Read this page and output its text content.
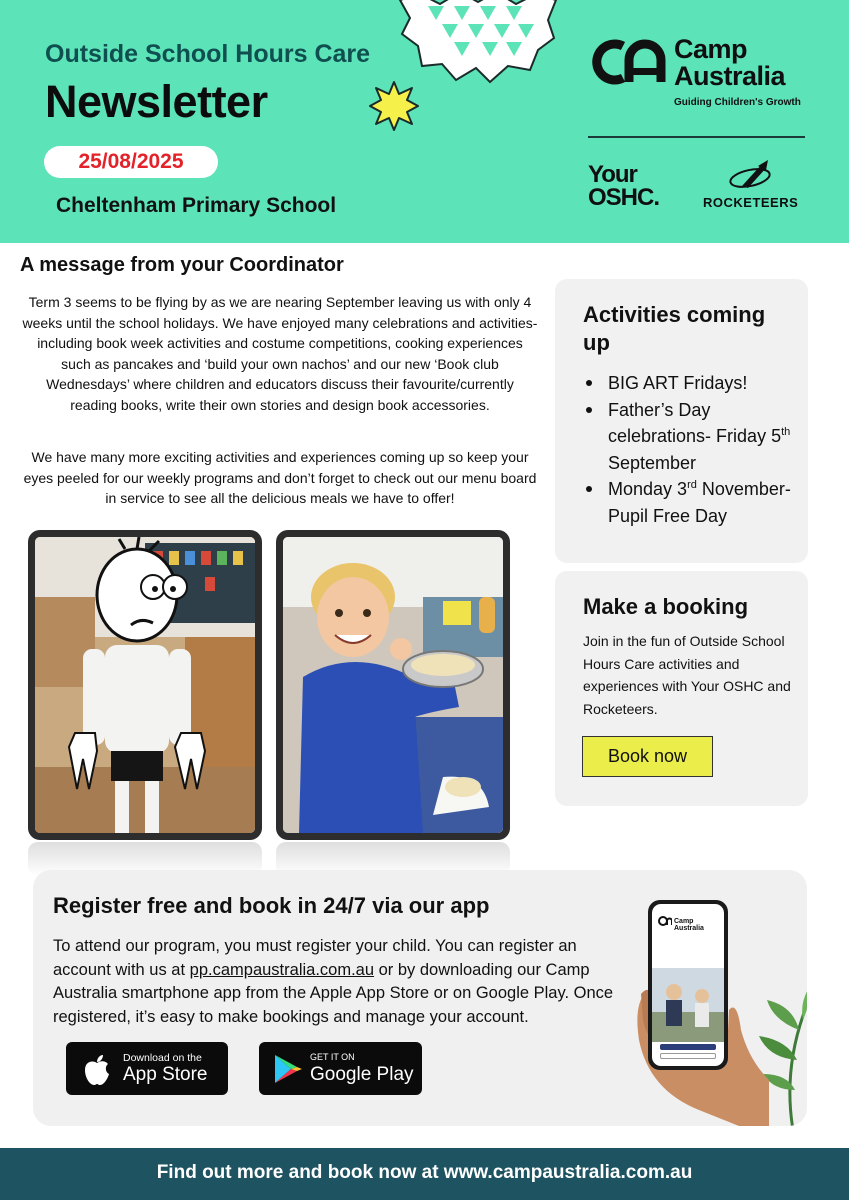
Outside School Hours Care
Newsletter
25/08/2025
Cheltenham Primary School
Camp
Australia
Guiding Children's Growth
Your
OSHC.	ROCKETEERS
A message from your Coordinator
Term 3 seems to be flying by as we are nearing September leaving us with only 4 weeks until the school holidays. We have enjoyed many celebrations and activities- including book week activities and costume competitions, cooking experiences such as pancakes and ‘build your own nachos’ and our new ‘Book club Wednesdays’ where children and educators discuss their favourite/currently reading books, write their own stories and design book accessories.
We have many more exciting activities and experiences coming up so keep your eyes peeled for our weekly programs and don’t forget to check out our menu board in service to see all the delicious meals we have to offer!
Activities coming up
BIG ART Fridays!
Father’s Day celebrations- Friday 5th September
Monday 3rd November- Pupil Free Day
Make a booking
Join in the fun of Outside School Hours Care activities and experiences with Your OSHC and Rocketeers.
Book now
Register free and book in 24/7 via our app
To attend our program, you must register your child. You can register an account with us at pp.campaustralia.com.au or by downloading our Camp Australia smartphone app from the Apple App Store or on Google Play. Once registered, it’s easy to make bookings and manage your account.
Download on the
App Store
GET IT ON
Google Play
Camp
Australia
Find out more and book now at www.campaustralia.com.au
